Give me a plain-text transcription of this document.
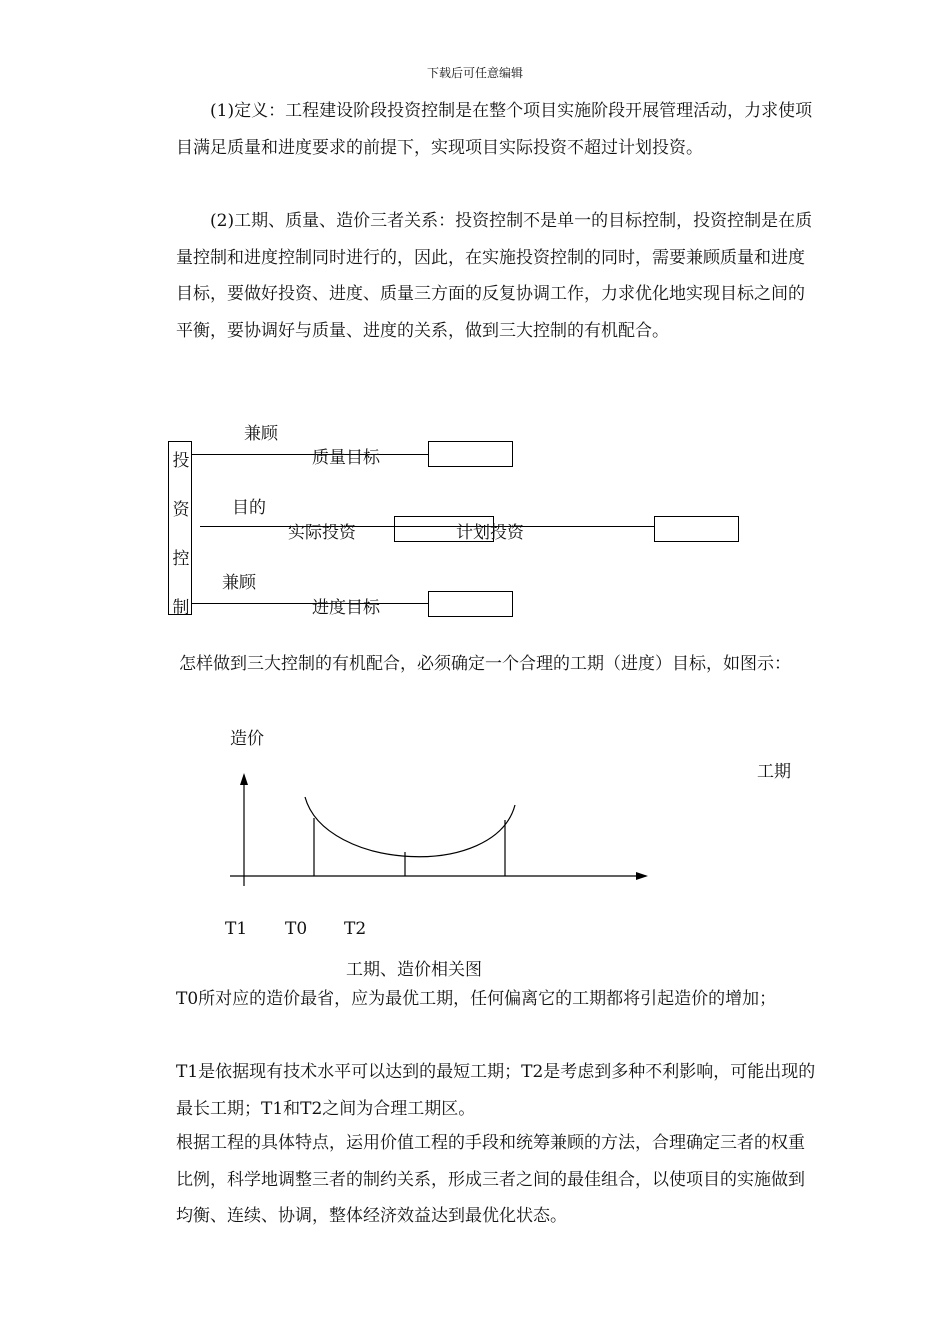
下载后可任意编辑

(1)定义：工程建设阶段投资控制是在整个项目实施阶段开展管理活动，力求使项目满足质量和进度要求的前提下，实现项目实际投资不超过计划投资。

(2)工期、质量、造价三者关系：投资控制不是单一的目标控制，投资控制是在质量控制和进度控制同时进行的，因此，在实施投资控制的同时，需要兼顾质量和进度目标，要做好投资、进度、质量三方面的反复协调工作，力求优化地实现目标之间的平衡，要协调好与质量、进度的关系，做到三大控制的有机配合。

投
资
控
制
兼顾
质量目标
目的
实际投资	计划投资
兼顾
进度目标

怎样做到三大控制的有机配合，必须确定一个合理的工期（进度）目标，如图示：

造价
工期
T1 T0 T2
工期、造价相关图

T0所对应的造价最省，应为最优工期，任何偏离它的工期都将引起造价的增加；

T1是依据现有技术水平可以达到的最短工期；T2是考虑到多种不利影响，可能出现的最长工期；T1和T2之间为合理工期区。

根据工程的具体特点，运用价值工程的手段和统筹兼顾的方法，合理确定三者的权重比例，科学地调整三者的制约关系，形成三者之间的最佳组合，以使项目的实施做到均衡、连续、协调，整体经济效益达到最优化状态。
